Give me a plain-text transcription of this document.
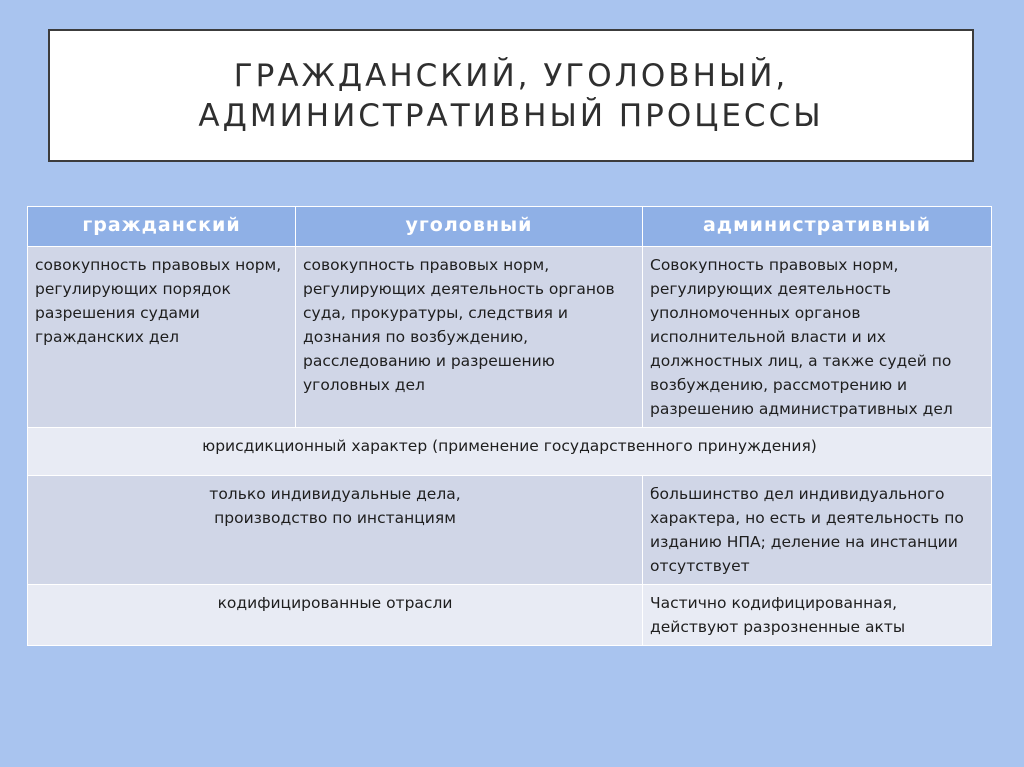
ГРАЖДАНСКИЙ, УГОЛОВНЫЙ,
АДМИНИСТРАТИВНЫЙ ПРОЦЕССЫ
гражданский	уголовный	административный
совокупность правовых норм, регулирующих порядок разрешения судами гражданских дел	совокупность правовых норм, регулирующих деятельность органов суда, прокуратуры, следствия и дознания по возбуждению, расследованию и разрешению уголовных дел	Совокупность правовых норм, регулирующих деятельность уполномоченных органов исполнительной власти и их должностных лиц, а также судей по возбуждению, рассмотрению и разрешению административных дел
юрисдикционный характер (применение государственного принуждения)		
только индивидуальные дела,
производство по инстанциям		большинство дел индивидуального характера, но есть и деятельность по изданию НПА; деление на инстанции отсутствует
кодифицированные отрасли		Частично кодифицированная, действуют разрозненные акты
